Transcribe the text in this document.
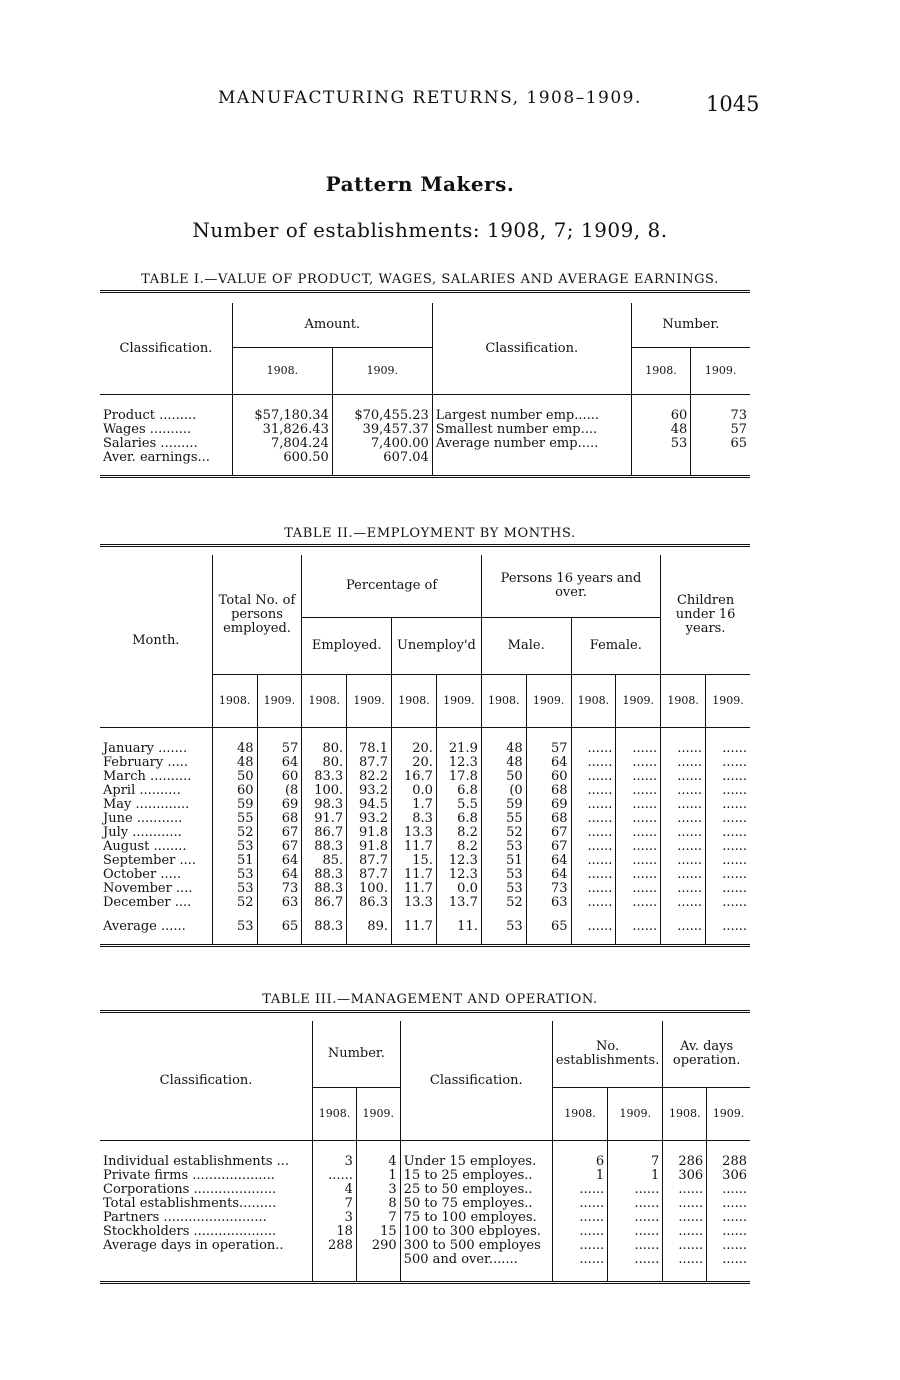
MANUFACTURING RETURNS, 1908–1909.	1045
Pattern Makers.
Number of establishments: 1908, 7; 1909, 8.
TABLE I.—VALUE OF PRODUCT, WAGES, SALARIES AND AVERAGE EARNINGS.

Classification.	Amount.		Classification.	Number.	
	1908.	1909.		1908.	1909.

Product .........	$57,180.34	$70,455.23	Largest number emp......	60	73
Wages ..........	31,826.43	39,457.37	Smallest number emp....	48	57
Salaries .........	7,804.24	7,400.00	Average number emp.....	53	65
Aver. earnings...	600.50	607.04			

TABLE II.—EMPLOYMENT BY MONTHS.

Month.	Total No. of persons employed.		Percentage of				Persons 16 years and over.				Children under 16 years.	
			Employed.		Unemploy'd		Male.		Female.			
	1908.	1909.	1908.	1909.	1908.	1909.	1908.	1909.	1908.	1909.	1908.	1909.

January .......	48	57	80.	78.1	20.	21.9	48	57	......	......	......	......
February .....	48	64	80.	87.7	20.	12.3	48	64	......	......	......	......
March ..........	50	60	83.3	82.2	16.7	17.8	50	60	......	......	......	......
April ..........	60	(8	100.	93.2	0.0	6.8	(0	68	......	......	......	......
May .............	59	69	98.3	94.5	1.7	5.5	59	69	......	......	......	......
June ...........	55	68	91.7	93.2	8.3	6.8	55	68	......	......	......	......
July ............	52	67	86.7	91.8	13.3	8.2	52	67	......	......	......	......
August ........	53	67	88.3	91.8	11.7	8.2	53	67	......	......	......	......
September ....	51	64	85.	87.7	15.	12.3	51	64	......	......	......	......
October .....	53	64	88.3	87.7	11.7	12.3	53	64	......	......	......	......
November ....	53	73	88.3	100.	11.7	0.0	53	73	......	......	......	......
December ....	52	63	86.7	86.3	13.3	13.7	52	63	......	......	......	......

Average ......	53	65	88.3	89.	11.7	11.	53	65	......	......	......	......

TABLE III.—MANAGEMENT AND OPERATION.

Classification.	Number.		Classification.	No. establishments.		Av. days operation.	
	1908.	1909.		1908.	1909.	1908.	1909.

Individual establishments ...	3	4	Under 15 employes.	6	7	286	288
Private firms ....................	......	1	15 to 25 employes..	1	1	306	306
Corporations ....................	4	3	25 to 50 employes..	......	......	......	......
Total establishments.........	7	8	50 to 75 employes..	......	......	......	......
Partners .........................	3	7	75 to 100 employes.	......	......	......	......
Stockholders ....................	18	15	100 to 300 ebployes.	......	......	......	......
Average days in operation..	288	290	300 to 500 employes	......	......	......	......
			500 and over.......	......	......	......	......
